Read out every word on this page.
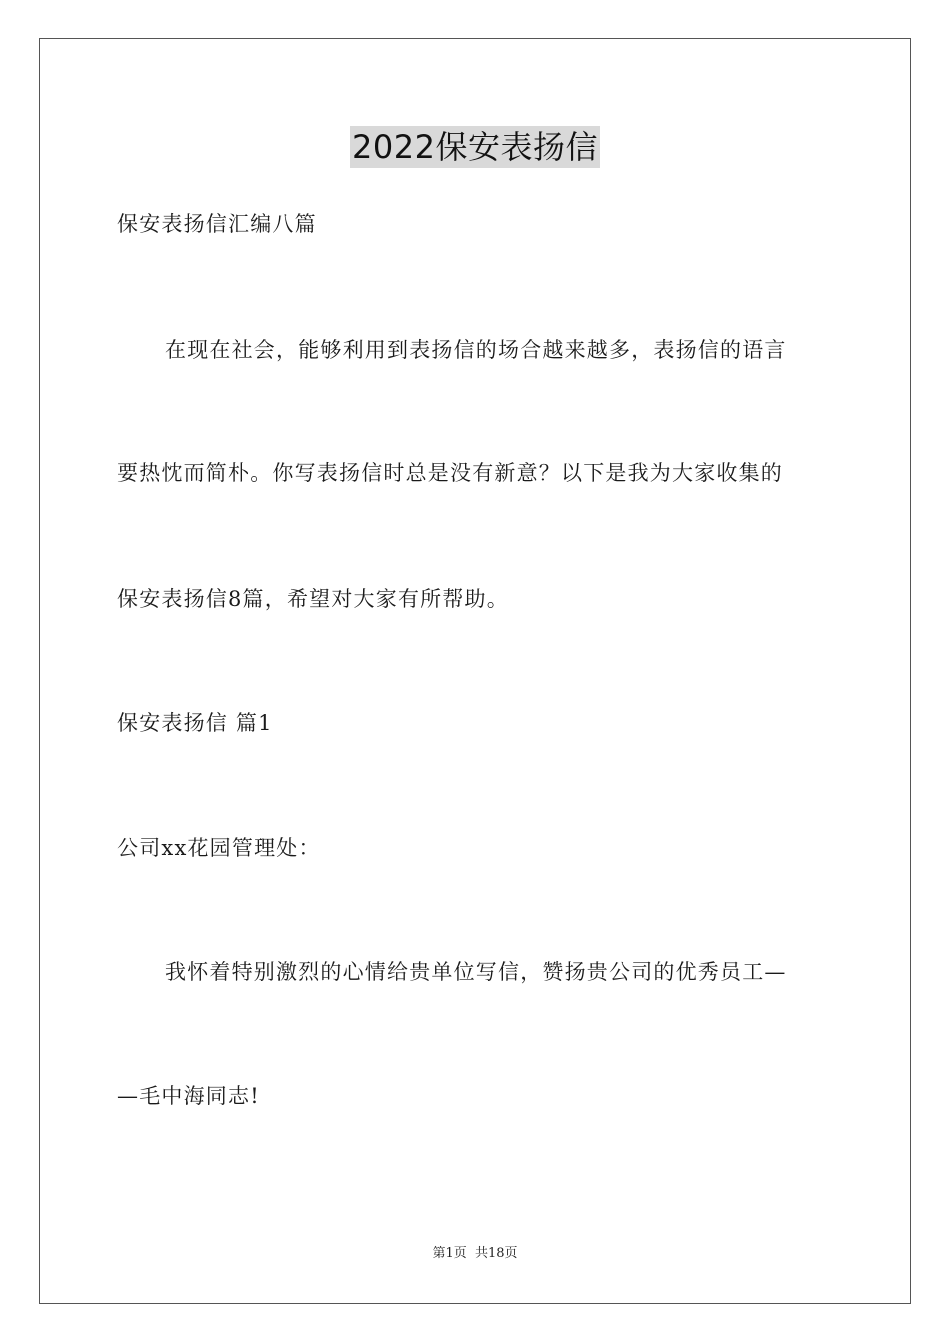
2022保安表扬信
保安表扬信汇编八篇
在现在社会，能够利用到表扬信的场合越来越多，表扬信的语言
要热忱而简朴。你写表扬信时总是没有新意？以下是我为大家收集的
保安表扬信8篇，希望对大家有所帮助。
保安表扬信 篇1
公司xx花园管理处：
我怀着特别激烈的心情给贵单位写信，赞扬贵公司的优秀员工—
—毛中海同志!
第1页  共18页
